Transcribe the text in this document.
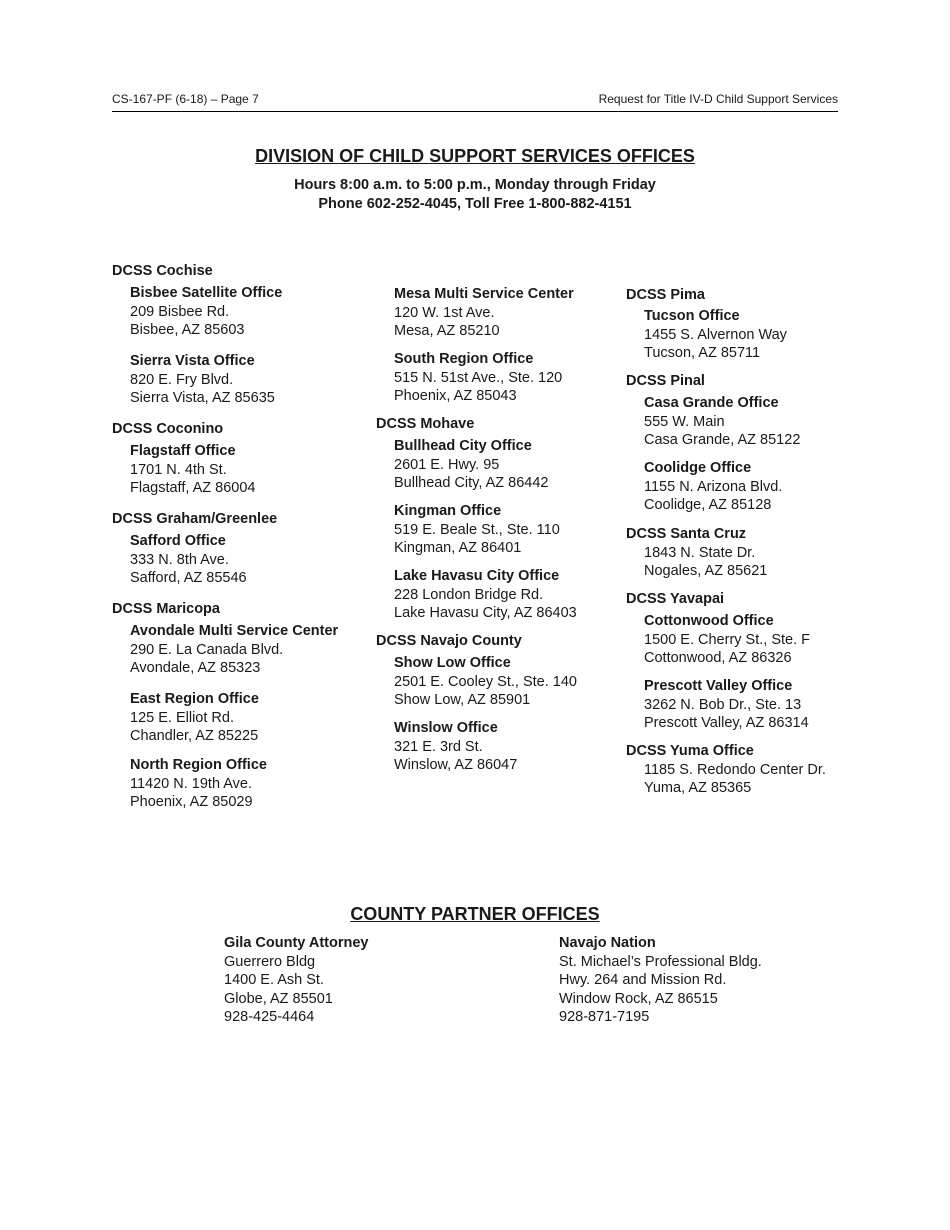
CS-167-PF (6-18) – Page 7	Request for Title IV-D Child Support Services
DIVISION OF CHILD SUPPORT SERVICES OFFICES
Hours 8:00 a.m. to 5:00 p.m., Monday through Friday
Phone 602-252-4045, Toll Free 1-800-882-4151
DCSS Cochise
Bisbee Satellite Office
209 Bisbee Rd.
Bisbee, AZ 85603
Sierra Vista Office
820 E. Fry Blvd.
Sierra Vista, AZ 85635
DCSS Coconino
Flagstaff Office
1701 N. 4th St.
Flagstaff, AZ 86004
DCSS Graham/Greenlee
Safford Office
333 N. 8th Ave.
Safford, AZ 85546
DCSS Maricopa
Avondale Multi Service Center
290 E. La Canada Blvd.
Avondale, AZ 85323
East Region Office
125 E. Elliot Rd.
Chandler, AZ 85225
North Region Office
11420 N. 19th Ave.
Phoenix, AZ 85029
Mesa Multi Service Center
120 W. 1st Ave.
Mesa, AZ 85210
South Region Office
515 N. 51st Ave., Ste. 120
Phoenix, AZ 85043
DCSS Mohave
Bullhead City Office
2601 E. Hwy. 95
Bullhead City, AZ 86442
Kingman Office
519 E. Beale St., Ste. 110
Kingman, AZ 86401
Lake Havasu City Office
228 London Bridge Rd.
Lake Havasu City, AZ 86403
DCSS Navajo County
Show Low Office
2501 E. Cooley St., Ste. 140
Show Low, AZ 85901
Winslow Office
321 E. 3rd St.
Winslow, AZ 86047
DCSS Pima
Tucson Office
1455 S. Alvernon Way
Tucson, AZ 85711
DCSS Pinal
Casa Grande Office
555 W. Main
Casa Grande, AZ 85122
Coolidge Office
1155 N. Arizona Blvd.
Coolidge, AZ 85128
DCSS Santa Cruz
1843 N. State Dr.
Nogales, AZ 85621
DCSS Yavapai
Cottonwood Office
1500 E. Cherry St., Ste. F
Cottonwood, AZ 86326
Prescott Valley Office
3262 N. Bob Dr., Ste. 13
Prescott Valley, AZ 86314
DCSS Yuma Office
1185 S. Redondo Center Dr.
Yuma, AZ 85365
COUNTY PARTNER OFFICES
Gila County Attorney
Guerrero Bldg
1400 E. Ash St.
Globe, AZ 85501
928-425-4464
Navajo Nation
St. Michael’s Professional Bldg.
Hwy. 264 and Mission Rd.
Window Rock, AZ 86515
928-871-7195
